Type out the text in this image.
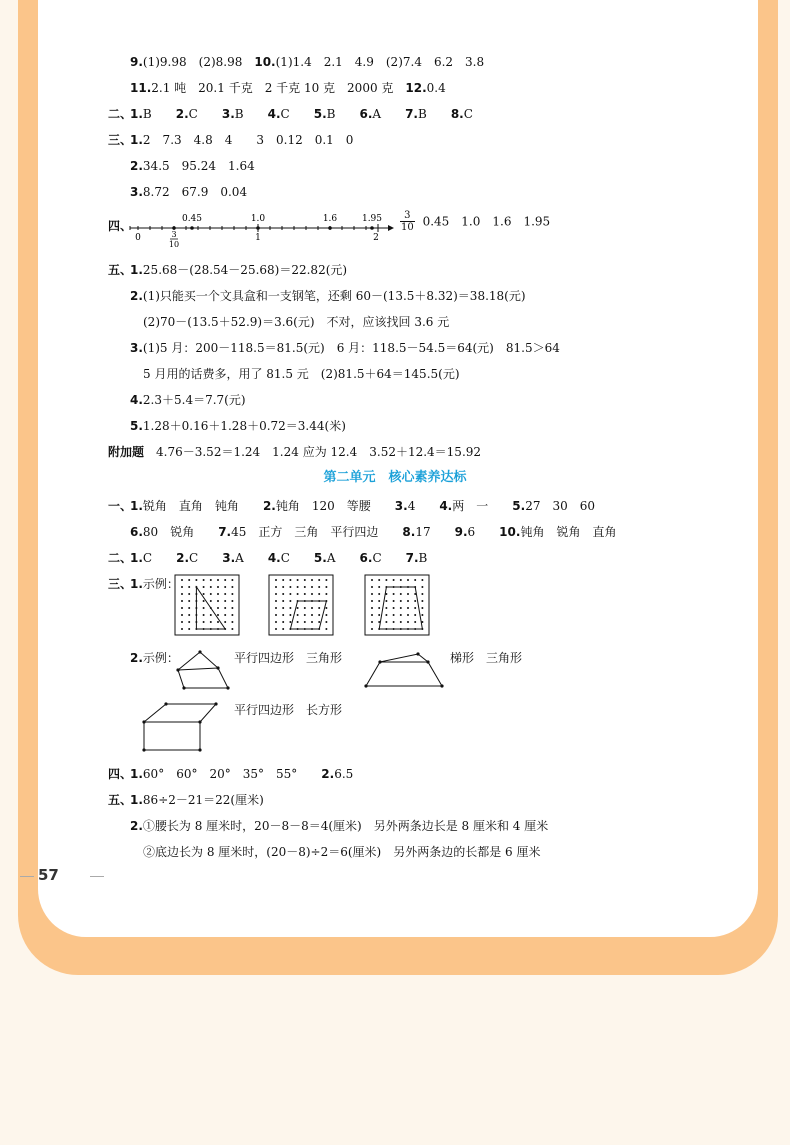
9.(1)9.98　(2)8.98　10.(1)1.4　2.1　4.9　(2)7.4　6.2　3.8
11.2.1 吨　20.1 千克　2 千克 10 克　2000 克　12.0.4
二、
1.B　　2.C　　3.B　　4.C　　5.B　　6.A　　7.B　　8.C
三、
1.2　7.3　4.8　4　　3　0.12　0.1　0
2.34.5　95.24　1.64
3.8.72　67.9　0.04
四、	0.45	1.0	1.6	1.95
0	1	2
3
10
$\frac{3}{10} 0.45$　1.0　1.6　1.95
五、
1.25.68－(28.54－25.68)＝22.82(元)
2.(1)只能买一个文具盒和一支钢笔，还剩 60－(13.5＋8.32)＝38.18(元)
(2)70－(13.5＋52.9)＝3.6(元)　不对，应该找回 3.6 元
3.(1)5 月：200－118.5＝81.5(元)　6 月：118.5－54.5＝64(元)　81.5＞64
5 月用的话费多，用了 81.5 元　(2)81.5＋64＝145.5(元)
4.2.3＋5.4＝7.7(元)
5.1.28＋0.16＋1.28＋0.72＝3.44(米)
附加题　4.76－3.52＝1.24　1.24 应为 12.4　3.52＋12.4＝15.92
第二单元　核心素养达标
一、
1.锐角　直角　钝角　　2.钝角　120　等腰　　3.4　　4.两　一　　5.27　30　60
6.80　锐角　　7.45　正方　三角　平行四边　　8.17　　9.6　　10.钝角　锐角　直角
二、
1.C　　2.C　　3.A　　4.C　　5.A　　6.C　　7.B
三、
1.示例：
2.示例：	平行四边形　三角形	梯形　三角形
平行四边形　长方形
四、
1.60°　60°　20°　35°　55°　　2.6.5
五、
1.86÷2－21＝22(厘米)
2.①腰长为 8 厘米时，20－8－8＝4(厘米)　另外两条边长是 8 厘米和 4 厘米
②底边长为 8 厘米时，(20－8)÷2＝6(厘米)　另外两条边的长都是 6 厘米
57
